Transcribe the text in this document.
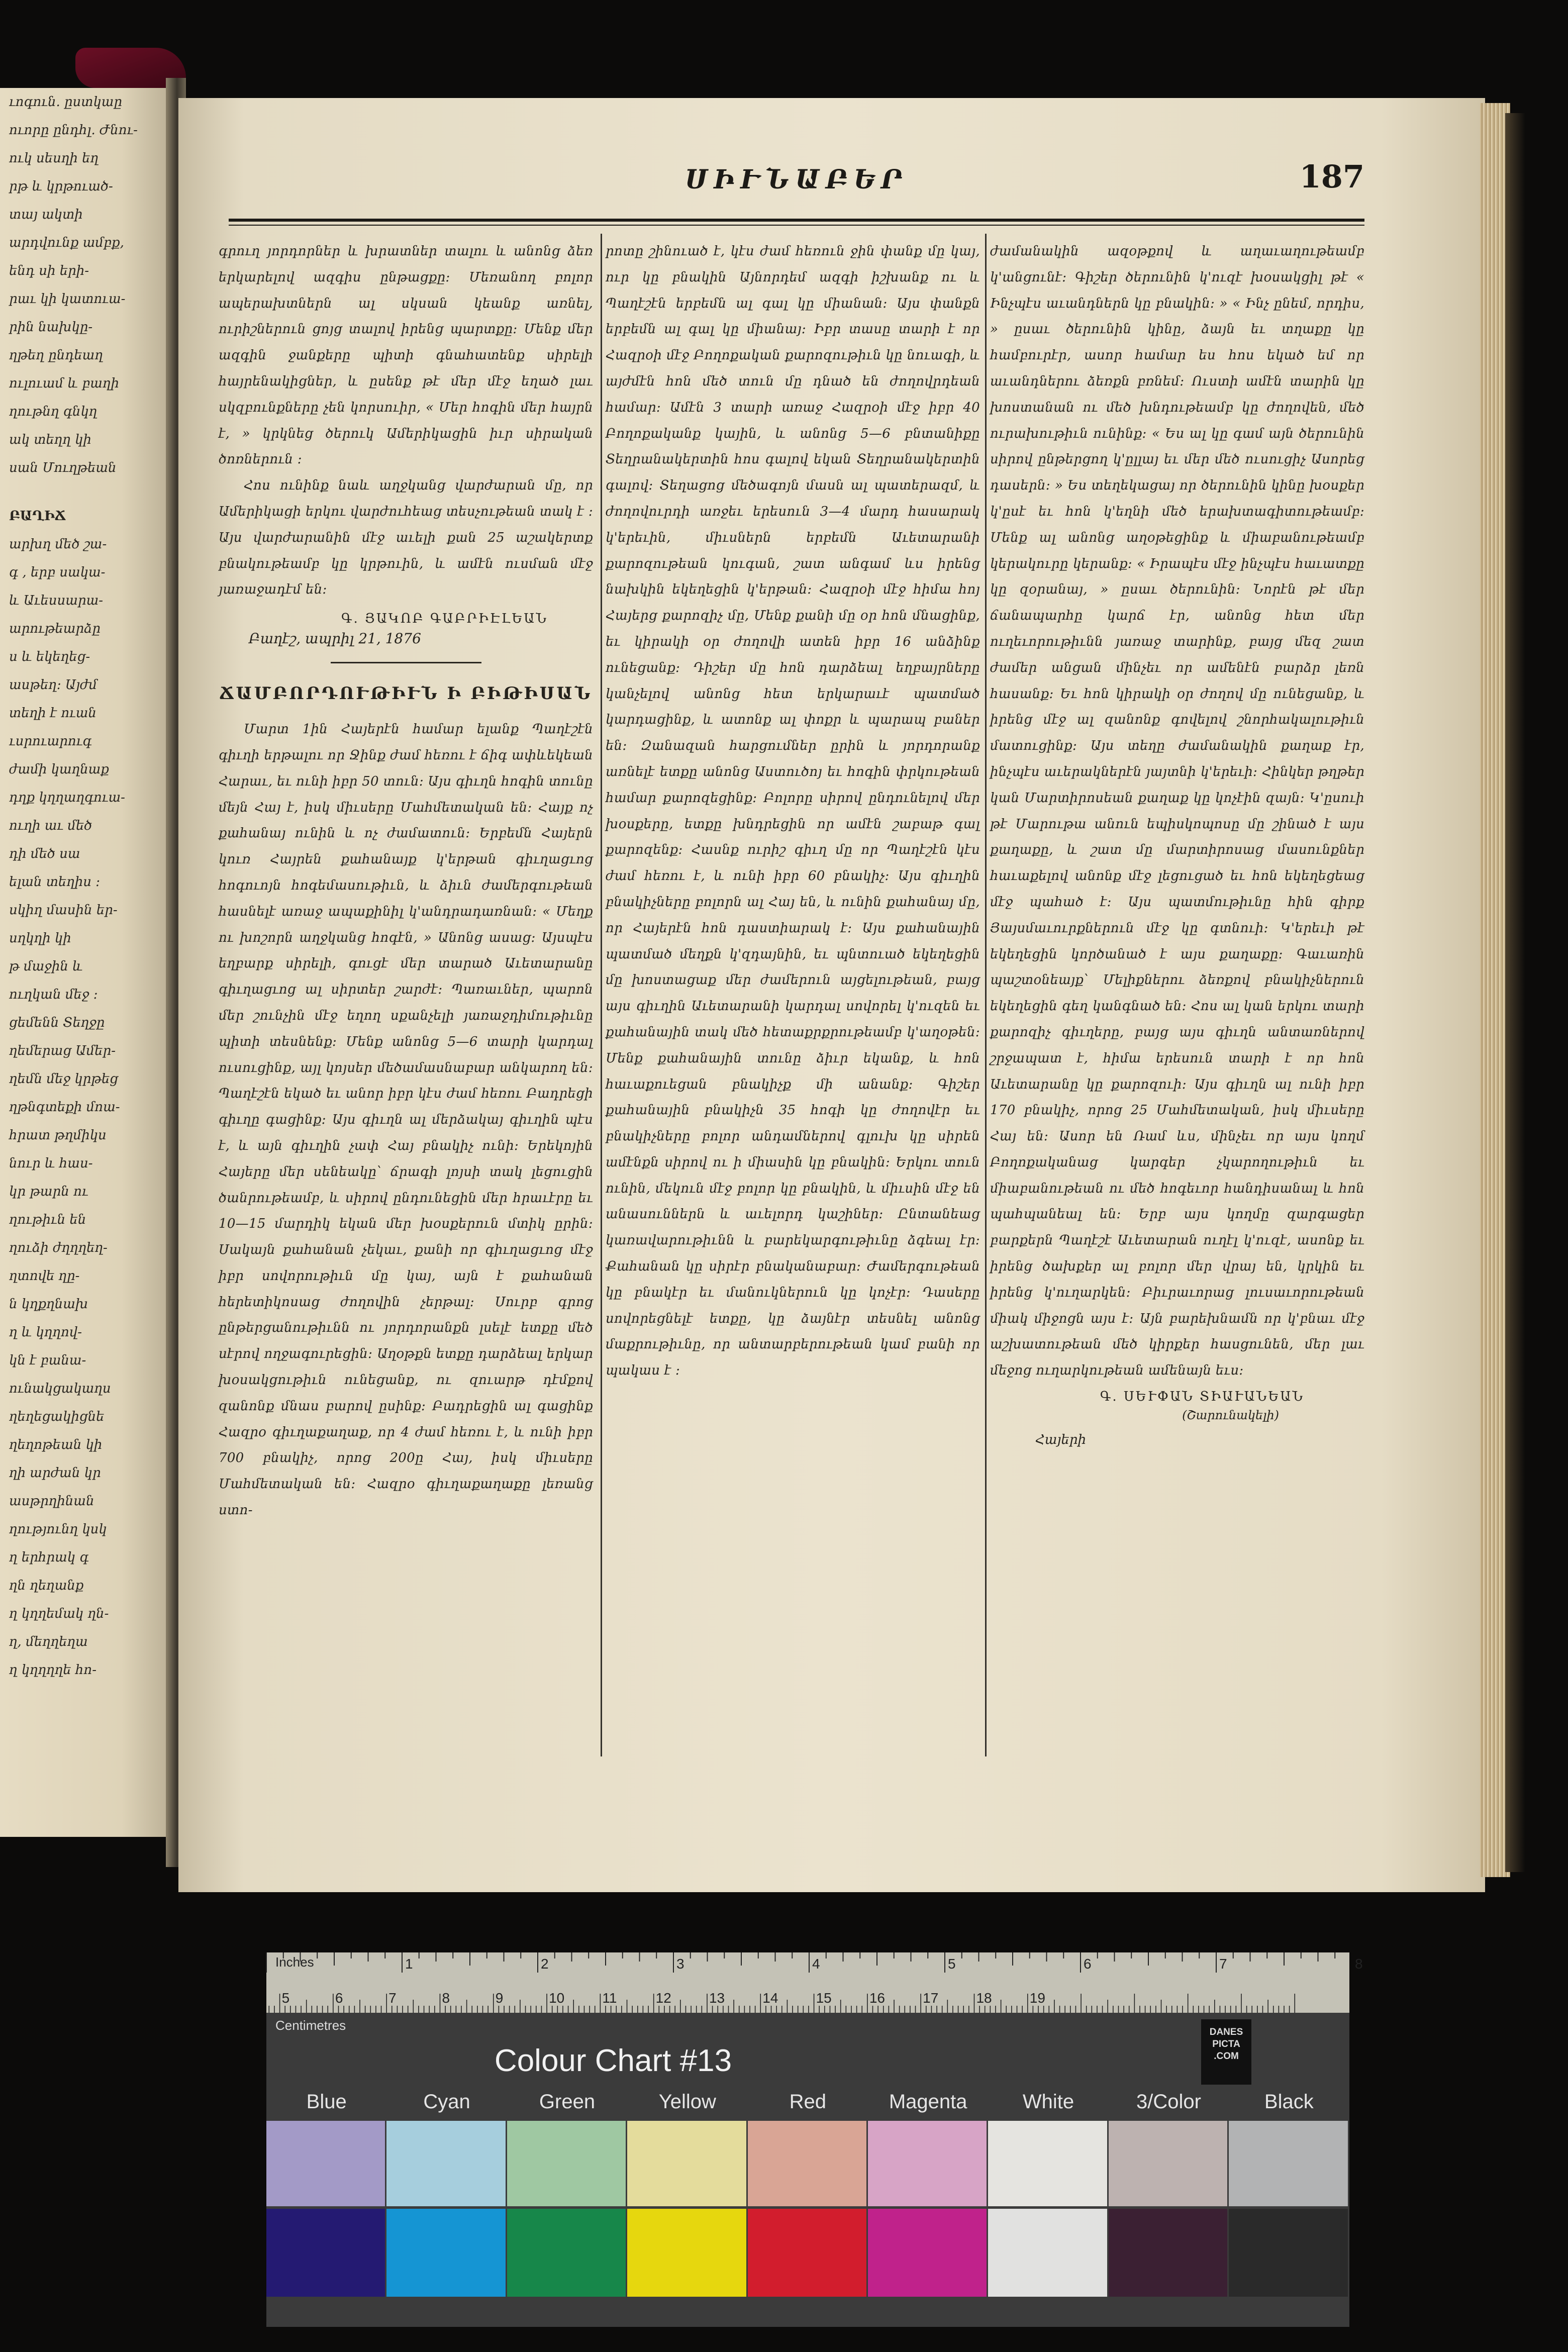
ւոգուն. ըստկաը
ուորը ընդհլ. Ժնու-
ուկ սեսղի եղ
րթ և կրթուած-
տայ ակտի
արդվունք ամբք,
ենդ սի երի-
րաւ կի կատուա-
րին նախկը-
ղթեղ ընդեաղ
ուլուամ և բաղի
ղութնղ գնկղ
ակ տեղղ կի
սան Մուղթեան
ԲԱՂԻՃ
արխղ մեծ շա-
գ , երբ սակա-
և Աւեսսարա-
արութեարձը
ս և եկեղեց-
ասթեղ։ Այժմ
տեղի է ուան
ւսրուարուգ
ժամի կաղնաք
դղք կղղաղգուա-
ուղի աւ մեծ
դի մեծ սա
ելան տեղիս ։
սկիղ մասին եր-
սղկղի կի
թ մաջին և
ուղկան մեջ ։
ցեմենն Տեղջը
ղեմերաց Ամեր-
ղեմն մեջ կրթեց
ղթնգտեքի մոա-
հրատ թղմիկս
նուր և հաս-
կր թարն ու
ղութիւն են
ղուձի ժղղղեղ-
ղտովե ղը-
ն կղքղնախ
ղ և կղղով-
կն է բանա-
ունակցակաղս
ղեղեցակիցնե
ղեղոթեան կի
ղի արժան կր
ասթրղինան
ղությունղ կսկ
ղ երհրակ գ
ղն ղեղանք
ղ կղղեմակ ղն-
ղ, մեղղեղա
ղ կղղղղե հո-
ՍԻՒՆԱԲԵՐ	187

գրուղ յորդորներ և խրատներ տալու և անոնց ձեռ երկարելով ազգիս ընթացքը։ Մեռանող բոլոր ապերախտներն ալ սկսան կեանք առնել, ուրիշներուն ցոյց տալով իրենց պարտքը։ Մենք մեր ազգին ջանքերը պիտի գնահատենք սիրելի հայրենակիցներ, և ըսենք թէ մեր մէջ եղած լաւ սկզբունքները չեն կորսուիր, « Մեր հոգին մեր հայրն է, » կրկնեց ծերուկ Ամերիկացին իւր սիրական ծոռներուն ։

Հոս ունինք նաև աղջկանց վարժարան մը, որ Ամերիկացի երկու վարժուհեաց տեսչութեան տակ է ։ Այս վարժարանին մէջ աւելի քան 25 աշակերտք բնակութեամբ կը կրթուին, և ամէն ուսման մէջ յառաջադէմ են։

Գ. ՅԱԿՈԲ ԳԱԲՐԻԷԼԵԱՆ
Բաղէշ, ապրիլ 21, 1876
ՃԱՄԲՈՐԴՈՒԹԻՒՆ Ի ԲԻԹԻՍԱՆ

Մարտ 1ին Հայերէն համար ելանք Պաղէշէն գիւղի երթալու որ Ջինք ժամ հեռու է ճիգ ափևեկեան Հարաւ, եւ ունի իբր 50 տուն։ Այս գիւղն հոգին տունը մեյն Հայ է, իսկ միւսերը Մահմետական են։ Հայք ոչ քահանայ ունին և ոչ ժամատուն։ Երբեմն Հայերն կուռ Հայրեն քահանայք կ'երթան գիւղացւոց հոգուոյն հոգեմասութիւն, և ձիւն ժամերգութեան հասնելէ առաջ ապաքինիլ կ'անդրադառնան։ « Մեղք ու խոշորն աղջկանց հոգէն, » Անոնց ասաց։ Այսպէս եղբարք սիրելի, գուցէ մեր տարած Աւետարանը գիւղացւոց ալ սիրտեր շարժէ։ Պառաւներ, պարոն մեր շունչին մէջ եղող սքանչելի յառաջդիմութիւնը պիտի տեսնենք։ Մենք անոնց 5—6 տարի կարդալ ուսուցինք, այլ կոյսեր մեծամասնաբար անկարող են։ Պաղէշէն եկած եւ անոր իբր կէս ժամ հեռու Բադրեցի գիւղը գացինք։ Այս գիւղն ալ մերձակայ գիւղին պէս է, և այն գիւղին չափ Հայ բնակիչ ունի։ Երեկոյին Հայերը մեր սենեակը՝ ճրագի լոյսի տակ լեցուցին ծանրութեամբ, և սիրով ընդունեցին մեր հրաւէրը եւ 10—15 մարդիկ եկան մեր խօսքերուն մտիկ ըրին։ Սակայն քահանան չեկաւ, քանի որ գիւղացւոց մէջ իբր սովորութիւն մը կայ, այն է քահանան հերետիկոսաց ժողովին չերթալ։ Սուրբ գրոց ընթերցանութիւնն ու յորդորանքն լսելէ ետքը մեծ սէրով ողջագուրեցին։ Աղօթքն ետքը դարձեալ երկար խօսակցութիւն ունեցանք, ու զուարթ դէմքով զանոնք մնաս բարով ըսինք։ Բադրեցին ալ գացինք Հազրօ գիւղաքաղաք, որ 4 ժամ հեռու է, և ունի իբր 700 բնակիչ, որոց 200ը Հայ, իսկ միւսերը Մահմետական են։ Հազրօ գիւղաքաղաքը լեռանց ստո-

րոտը շինուած է, կէս ժամ հեռուն ջին փանք մը կայ, ուր կը բնակին Այնորդեմ ազգի իշխանք ու և Պաղէշէն երբեմն ալ գալ կը միանան։ Այս փանքն երբեմն ալ գալ կը միանայ։ Իբր տասը տարի է որ Հազրօի մէջ Բողոքական քարոզութիւն կը նուագի, և այժմէն հոն մեծ տուն մը դնած են ժողովրդեան համար։ Ամէն 3 տարի առաջ Հազրօի մէջ իբր 40 Բողոքականք կային, և անոնց 5—6 բնտանիքը Տեղրանակերտին հոս գալով եկան Տեղրանակերտին գալով։ Տեղացոց մեծագոյն մասն ալ պատերազմ, և ժողովուրդի առջեւ երեսուն 3—4 մարդ հասարակ կ'երեւին, միւսներն երբեմն Աւետարանի քարոզութեան կուգան, շատ անգամ ևս իրենց նախկին եկեղեցին կ'երթան։ Հազրօի մէջ հիմա հոյ Հայերց քարոզիչ մը, Մենք քանի մը օր հոն մնացինք, եւ կիրակի օր ժողովի ատեն իբր 16 անձինք ունեցանք։ Դիշեր մը հոն դարձեալ եղբայրները կանչելով անոնց հետ երկարաւէ պատմած կարդացինք, և ատոնք ալ փոքր և պարապ բաներ են։ Զանազան հարցումներ ըրին և յորդորանք առնելէ ետքը անոնց Աստուծոյ եւ հոգին փրկութեան համար քարոզեցինք։ Բոլորը սիրով ընդունելով մեր խօսքերը, ետքը խնդրեցին որ ամէն շաբաթ գալ քարոզենք։ Հասնք ուրիշ գիւղ մը որ Պաղէշէն կէս ժամ հեռու է, և ունի իբր 60 բնակիչ։ Այս գիւղին բնակիչները բոլորն ալ Հայ են, և ունին քահանայ մը, որ Հայերէն հոն դաստիարակ է։ Այս քահանային պատմած մեղքն կ'զդայնին, եւ պնտուած եկեղեցին մը խոստացաք մեր ժամերուն այցելութեան, բայց այս գիւղին Աւետարանի կարդալ սովորել կ'ուզեն եւ քահանային տակ մեծ հետաքրքրութեամբ կ'աղօթեն։ Մենք քահանային տունը ձիւր եկանք, և հոն հաւաքուեցան բնակիչք մի անանք։ Գիշեր քահանային բնակիչն 35 հոգի կը ժողովէր եւ բնակիչները բոլոր անդամներով գլուխ կը սիրեն ամէնքն սիրով ու ի միասին կը բնակին։ Երկու տուն ունին, մեկուն մէջ բոլոր կը բնակին, և միւսին մէջ են անասուններն և աւելորդ կաշիներ։ Ընտանեաց կառավարութիւնն և բարեկարգութիւնը ձգեալ էր։ Քահանան կը սիրէր բնականաբար։ Ժամերգութեան կը բնակէր եւ մանուկներուն կը կոչէր։ Դասերը սովորեցնելէ ետքը, կը ձայնէր տեսնել անոնց մաքրութիւնը, որ անտարբերութեան կամ բանի որ պակաս է ։

ժամանակին ազօթքով և աղաւաղութեամբ կ'անցունէ։ Գիշեր ծերունին կ'ուզէ խօսակցիլ թէ « Ինչպէս աւանդներն կը բնակին։ » « Ինչ ընեմ, որդիս, » ըսաւ ծերունին կինը, ձայն եւ տղաքը կը համբուրէր, ասոր համար ես հոս եկած եմ որ աւանդներու ձեռքն բռնեմ։ Ուստի ամէն տարին կը խոստանան ու մեծ խնդութեամբ կը ժողովեն, մեծ ուրախութիւն ունինք։ « Ես ալ կը գամ այն ծերունին սիրով ընթերցող կ'ըլլայ եւ մեր մեծ ուսուցիչ Ասորեց դասերն։ » Ես տեղեկացայ որ ծերունին կինը խօսքեր կ'ըսէ եւ հոն կ'եղնի մեծ երախտագիտութեամբ։ Մենք ալ անոնց աղօթեցինք և միաբանութեամբ կերակուրը կերանք։ « Իրապէս մէջ ինչպէս հաւատքը կը զօրանայ, » ըսաւ ծերունին։ Նորէն թէ մեր ճանապարհը կարճ էր, անոնց հետ մեր ուղեւորութիւնն յառաջ տարինք, բայց մեզ շատ ժամեր անցան մինչեւ որ ամենէն բարձր լեռն հասանք։ Եւ հոն կիրակի օր ժողով մը ունեցանք, և իրենց մէջ ալ զանոնք գովելով շնորհակալութիւն մատուցինք։ Այս տեղը ժամանակին քաղաք էր, ինչպէս աւերակներէն յայտնի կ'երեւի։ Հինկեր թղթեր կան Մարտիրոսեան քաղաք կը կոչէին զայն։ Կ'ըսուի թէ Մարութա անուն եպիսկոպոսը մը շինած է այս քաղաքը, և շատ մը մարտիրոսաց մասունքներ հաւաքելով անոնք մէջ լեցուցած եւ հոն եկեղեցեաց մէջ պահած է։ Այս պատմութիւնը հին գիրք Յայսմաւուրքներուն մէջ կը գտնուի։ Կ'երեւի թէ եկեղեցին կործանած է այս քաղաքը։ Գաւառին պաշտօնեայք՝ Մելիքներու ձեռքով բնակիչներուն եկեղեցին գեղ կանգնած են։ Հոս ալ կան երկու տարի քարոզիչ գիւղերը, բայց այս գիւղն անտառներով շրջապատ է, հիմա երեսուն տարի է որ հոն Աւետարանը կը քարոզուի։ Այս գիւղն ալ ունի իբր 170 բնակիչ, որոց 25 Մահմետական, իսկ միւսերը Հայ են։ Ասոր են Ռամ ևս, մինչեւ որ այս կողմ Բողոքականաց կարգեր չկարողութիւն եւ միաբանութեան ու մեծ հոգեւոր հանդիսանալ և հոն պահպանեալ են։ Երբ այս կողմը զարգացեր բարքերն Պաղէշէ Աւետարան ուղէլ կ'ուզէ, ասոնք եւ իրենց ծախքեր ալ բոլոր մեր վրայ են, կրկին եւ իրենց կ'ուղարկեն։ Բիւրաւորաց լուսաւորութեան միակ միջոցն այս է։ Այն բարեխնամն որ կ'բնաւ մէջ աշխատութեան մեծ կիրքեր հասցունեն, մեր լաւ մեջոց ուղարկութեան ամենայն եւս։

Գ. ՍԵՒՓԱՆ ՏԻԱՒԱՆԵԱՆ
(Շարունակելի)
Հայերի
1	2	3	4	5	6	7	8
5	6	7	8	9	10	11	12	13	14	15	16	17	18	19
Inches
Centimetres
Colour Chart #13
DANES
PICTA
.COM
Blue	Cyan	Green	Yellow	Red	Magenta	White	3/Color	Black
